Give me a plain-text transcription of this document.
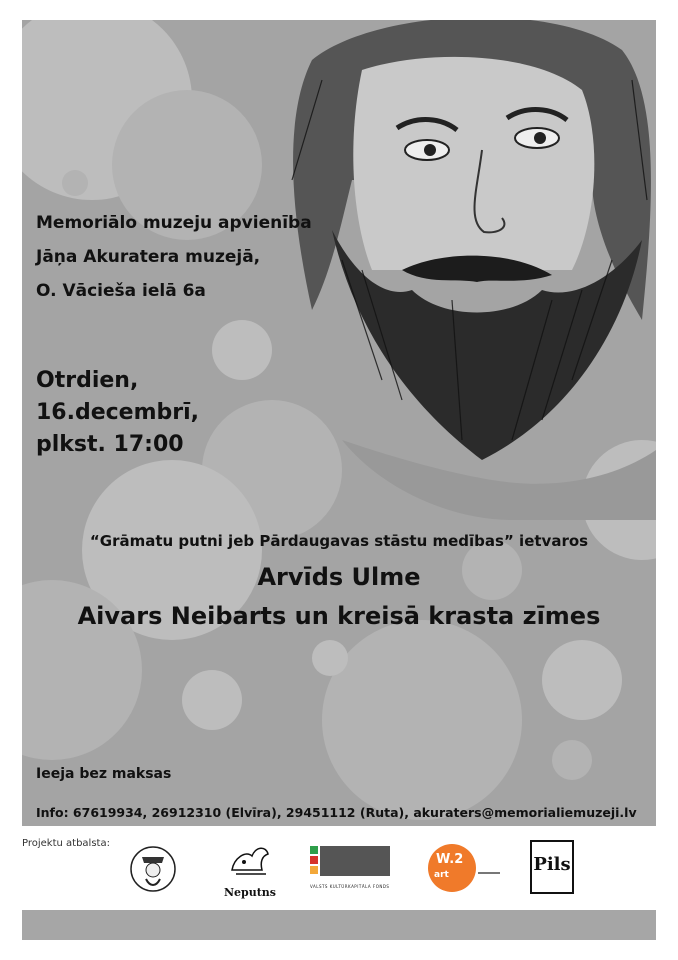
Memoriālo muzeju apvienība
Jāņa Akuratera muzejā,
O. Vācieša ielā 6a
Otrdien,
16.decembrī,
plkst. 17:00
“Grāmatu putni jeb Pārdaugavas stāstu medības” ietvaros
Arvīds Ulme
Aivars Neibarts un kreisā krasta zīmes
Ieeja bez maksas
Info: 67619934, 26912310 (Elvīra), 29451112 (Ruta), akuraters@memorialiemuzeji.lv
Projektu atbalsta:
Neputns	VALSTS KULTŪRKAPITĀLA FONDS
W.2
art	Pils
